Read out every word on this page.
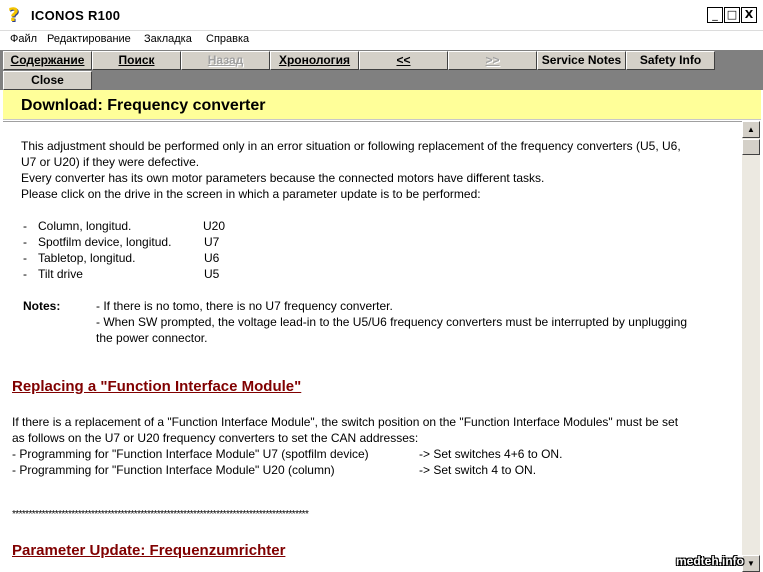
? ICONOS R100	_ □ X
Файл Редактирование Закладка Справка
Содержание	Поиск	Назад	Хронология	<<	>>	Service Notes	Safety Info
Close
Download: Frequency converter
This adjustment should be performed only in an error situation or following replacement of the frequency converters (U5, U6,
U7 or U20) if they were defective.
Every converter has its own motor parameters because the connected motors have different tasks.
Please click on the drive in the screen in which a parameter update is to be performed:
- Column, longitud.	U20
- Spotfilm device, longitud.	U7
- Tabletop, longitud.	U6
- Tilt drive	U5
Notes:	- If there is no tomo, there is no U7 frequency converter.
- When SW prompted, the voltage lead-in to the U5/U6 frequency converters must be interrupted by unplugging
the power connector.
Replacing a "Function Interface Module"
If there is a replacement of a "Function Interface Module", the switch position on the "Function Interface Modules" must be set
as follows on the U7 or U20 frequency converters to set the CAN addresses:
- Programming for "Function Interface Module" U7 (spotfilm device)	-> Set switches 4+6 to ON.
- Programming for "Function Interface Module" U20 (column)	-> Set switch 4 to ON.
******************************************************************************************
Parameter Update: Frequenzumrichter
▲
▼
medteh.info
